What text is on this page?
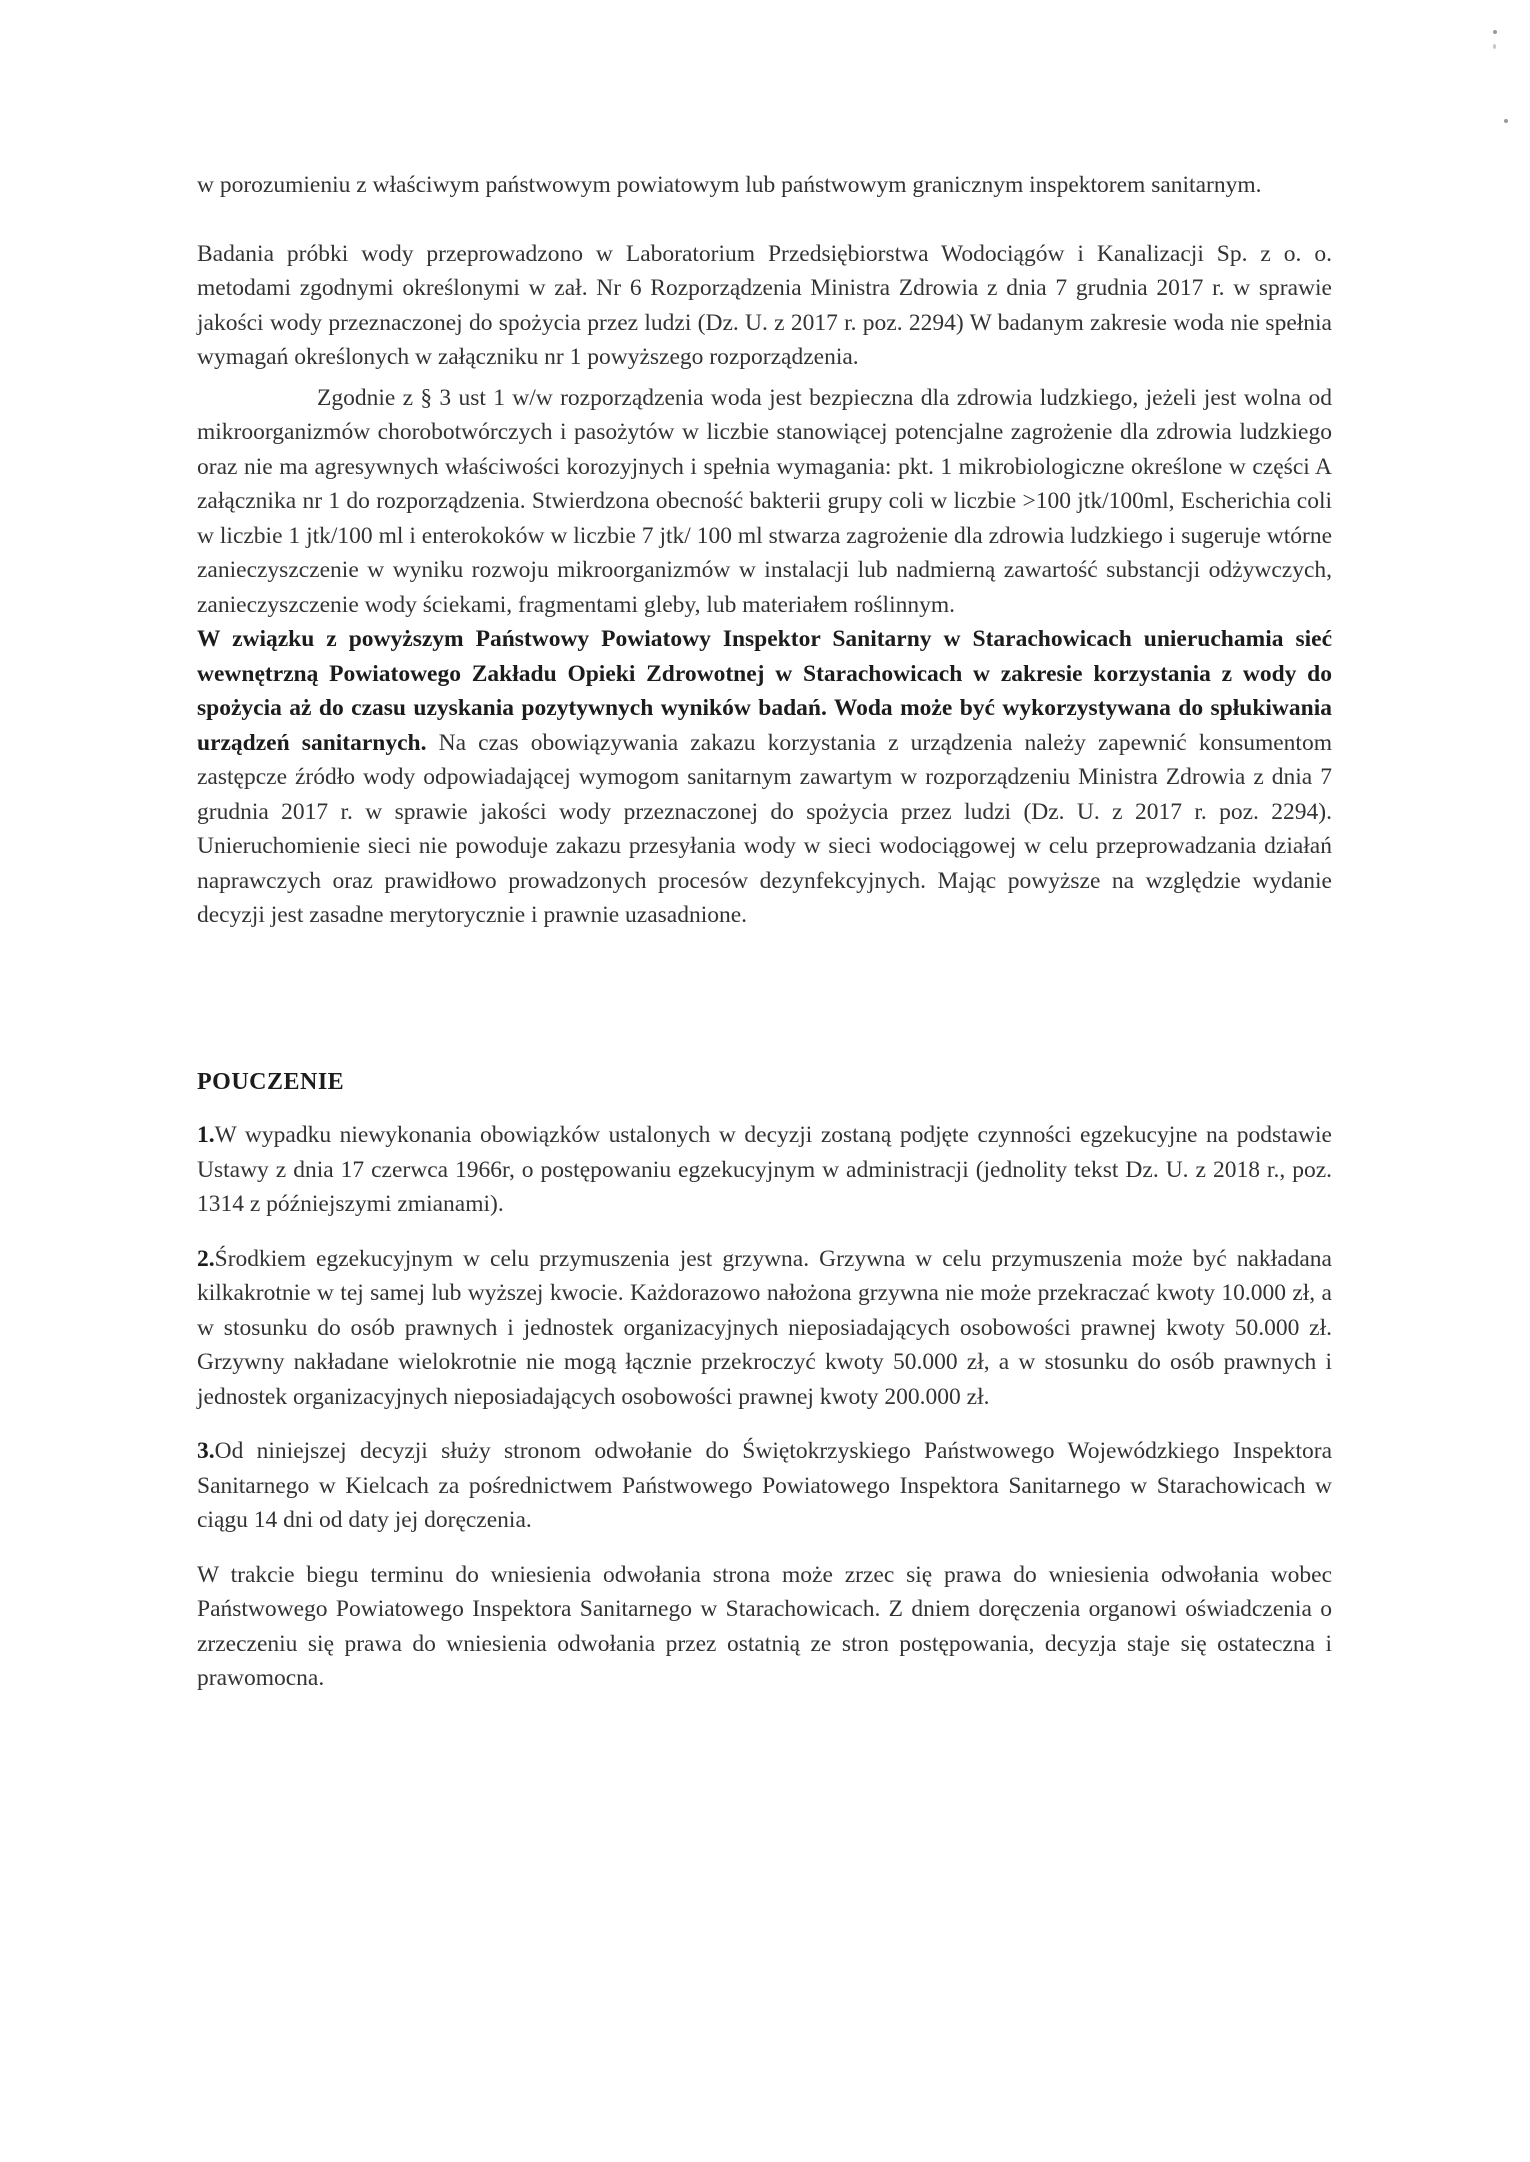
w porozumieniu z właściwym państwowym powiatowym lub państwowym granicznym inspektorem sanitarnym.

Badania próbki wody przeprowadzono w Laboratorium Przedsiębiorstwa Wodociągów i Kanalizacji Sp. z o. o. metodami zgodnymi określonymi w zał. Nr 6 Rozporządzenia Ministra Zdrowia z dnia 7 grudnia 2017 r. w sprawie jakości wody przeznaczonej do spożycia przez ludzi (Dz. U. z 2017 r. poz. 2294) W badanym zakresie woda nie spełnia wymagań określonych w załączniku nr 1 powyższego rozporządzenia.

Zgodnie z § 3 ust 1 w/w rozporządzenia woda jest bezpieczna dla zdrowia ludzkiego, jeżeli jest wolna od mikroorganizmów chorobotwórczych i pasożytów w liczbie stanowiącej potencjalne zagrożenie dla zdrowia ludzkiego oraz nie ma agresywnych właściwości korozyjnych i spełnia wymagania: pkt. 1 mikrobiologiczne określone w części A załącznika nr 1 do rozporządzenia. Stwierdzona obecność bakterii grupy coli w liczbie >100 jtk/100ml, Escherichia coli w liczbie 1 jtk/100 ml i enterokoków w liczbie 7 jtk/ 100 ml stwarza zagrożenie dla zdrowia ludzkiego i sugeruje wtórne zanieczyszczenie w wyniku rozwoju mikroorganizmów w instalacji lub nadmierną zawartość substancji odżywczych, zanieczyszczenie wody ściekami, fragmentami gleby, lub materiałem roślinnym.
W związku z powyższym Państwowy Powiatowy Inspektor Sanitarny w Starachowicach unieruchamia sieć wewnętrzną Powiatowego Zakładu Opieki Zdrowotnej w Starachowicach w zakresie korzystania z wody do spożycia aż do czasu uzyskania pozytywnych wyników badań. Woda może być wykorzystywana do spłukiwania urządzeń sanitarnych. Na czas obowiązywania zakazu korzystania z urządzenia należy zapewnić konsumentom zastępcze źródło wody odpowiadającej wymogom sanitarnym zawartym w rozporządzeniu Ministra Zdrowia z dnia 7 grudnia 2017 r. w sprawie jakości wody przeznaczonej do spożycia przez ludzi (Dz. U. z 2017 r. poz. 2294). Unieruchomienie sieci nie powoduje zakazu przesyłania wody w sieci wodociągowej w celu przeprowadzania działań naprawczych oraz prawidłowo prowadzonych procesów dezynfekcyjnych. Mając powyższe na względzie wydanie decyzji jest zasadne merytorycznie i prawnie uzasadnione.

POUCZENIE

1.W wypadku niewykonania obowiązków ustalonych w decyzji zostaną podjęte czynności egzekucyjne na podstawie Ustawy z dnia 17 czerwca 1966r, o postępowaniu egzekucyjnym w administracji (jednolity tekst Dz. U. z 2018 r., poz. 1314 z późniejszymi zmianami).

2.Środkiem egzekucyjnym w celu przymuszenia jest grzywna. Grzywna w celu przymuszenia może być nakładana kilkakrotnie w tej samej lub wyższej kwocie. Każdorazowo nałożona grzywna nie może przekraczać kwoty 10.000 zł, a w stosunku do osób prawnych i jednostek organizacyjnych nieposiadających osobowości prawnej kwoty 50.000 zł. Grzywny nakładane wielokrotnie nie mogą łącznie przekroczyć kwoty 50.000 zł, a w stosunku do osób prawnych i jednostek organizacyjnych nieposiadających osobowości prawnej kwoty 200.000 zł.

3.Od niniejszej decyzji służy stronom odwołanie do Świętokrzyskiego Państwowego Wojewódzkiego Inspektora Sanitarnego w Kielcach za pośrednictwem Państwowego Powiatowego Inspektora Sanitarnego w Starachowicach w ciągu 14 dni od daty jej doręczenia.

W trakcie biegu terminu do wniesienia odwołania strona może zrzec się prawa do wniesienia odwołania wobec Państwowego Powiatowego Inspektora Sanitarnego w Starachowicach. Z dniem doręczenia organowi oświadczenia o zrzeczeniu się prawa do wniesienia odwołania przez ostatnią ze stron postępowania, decyzja staje się ostateczna i prawomocna.
